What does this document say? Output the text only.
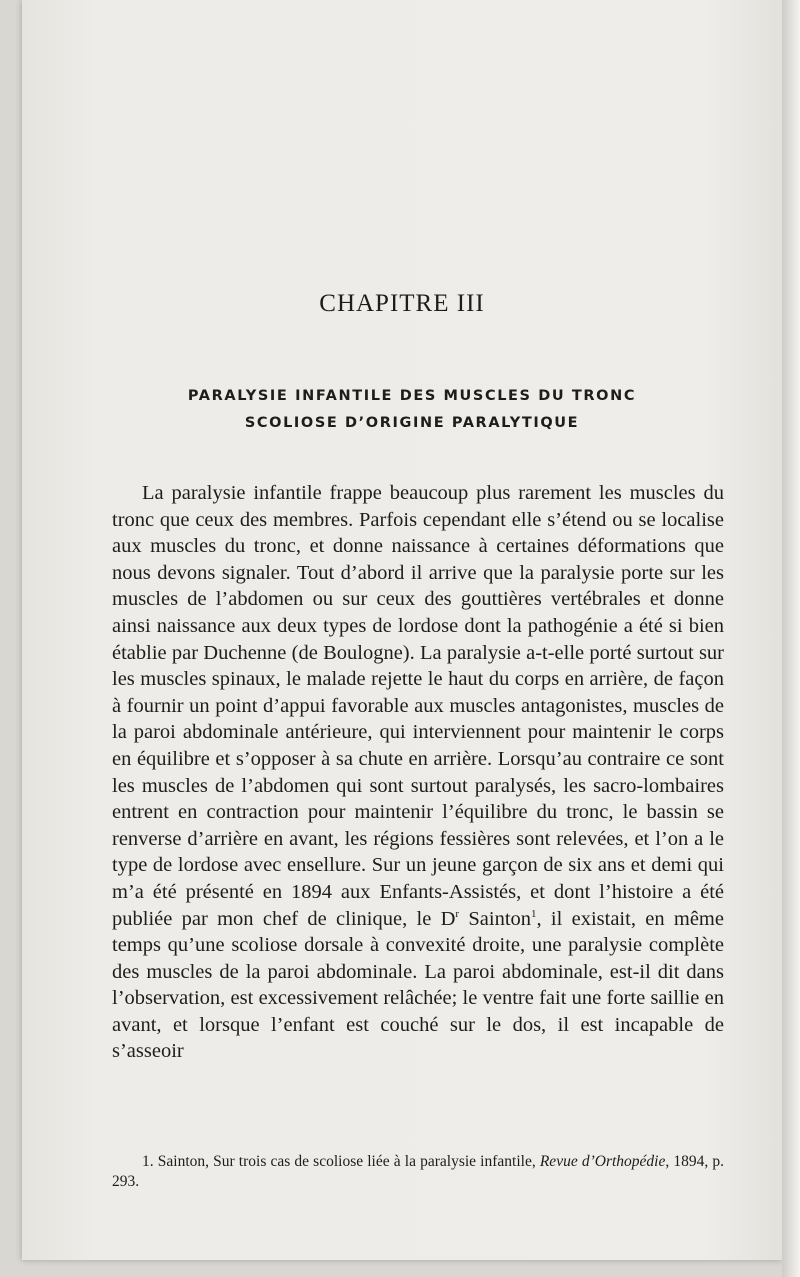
CHAPITRE III
PARALYSIE INFANTILE DES MUSCLES DU TRONC
SCOLIOSE D’ORIGINE PARALYTIQUE

La paralysie infantile frappe beaucoup plus rarement les muscles du tronc que ceux des membres. Parfois cependant elle s’étend ou se localise aux muscles du tronc, et donne naissance à certaines déformations que nous devons signaler. Tout d’abord il arrive que la paralysie porte sur les muscles de l’abdomen ou sur ceux des gouttières vertébrales et donne ainsi naissance aux deux types de lordose dont la pathogénie a été si bien établie par Duchenne (de Boulogne). La paralysie a-t-elle porté surtout sur les muscles spinaux, le malade rejette le haut du corps en arrière, de façon à fournir un point d’appui favorable aux muscles antagonistes, muscles de la paroi abdominale antérieure, qui interviennent pour maintenir le corps en équilibre et s’opposer à sa chute en arrière. Lorsqu’au contraire ce sont les muscles de l’abdomen qui sont surtout paralysés, les sacro-lombaires entrent en contraction pour maintenir l’équilibre du tronc, le bassin se renverse d’arrière en avant, les régions fessières sont relevées, et l’on a le type de lordose avec ensellure. Sur un jeune garçon de six ans et demi qui m’a été présenté en 1894 aux Enfants-Assistés, et dont l’histoire a été publiée par mon chef de clinique, le $D^r$ Sainton$^1$, il existait, en même temps qu’une scoliose dorsale à convexité droite, une paralysie complète des muscles de la paroi abdominale. La paroi abdominale, est-il dit dans l’observation, est excessivement relâchée; le ventre fait une forte saillie en avant, et lorsque l’enfant est couché sur le dos, il est incapable de s’asseoir

1. Sainton, Sur trois cas de scoliose liée à la paralysie infantile, Revue d’Orthopédie, 1894, p. 293.
